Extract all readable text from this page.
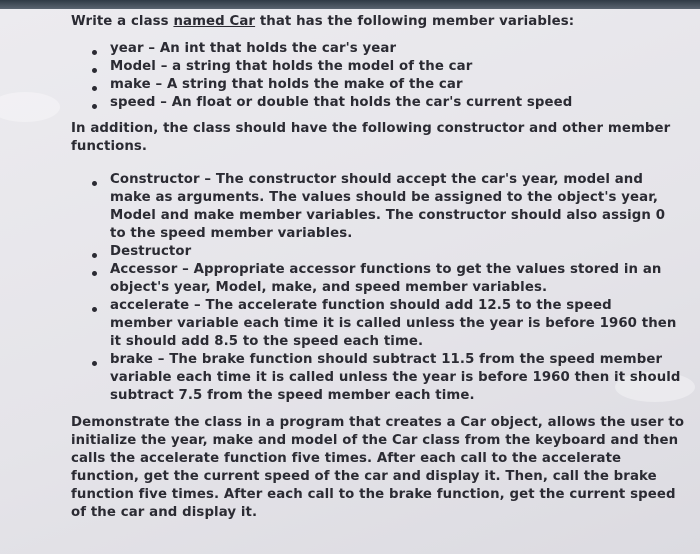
Write a class named Car that has the following member variables:
year – An int that holds the car's year
Model – a string that holds the model of the car
make – A string that holds the make of the car
speed – An float or double that holds the car's current speed
In addition, the class should have the following constructor and other member
functions.
Constructor – The constructor should accept the car's year, model and
make as arguments. The values should be assigned to the object's year,
Model and make member variables. The constructor should also assign 0
to the speed member variables.
Destructor
Accessor – Appropriate accessor functions to get the values stored in an
object's year, Model, make, and speed member variables.
accelerate – The accelerate function should add 12.5 to the speed
member variable each time it is called unless the year is before 1960 then
it should add 8.5 to the speed each time.
brake – The brake function should subtract 11.5 from the speed member
variable each time it is called unless the year is before 1960 then it should
subtract 7.5 from the speed member each time.
Demonstrate the class in a program that creates a Car object, allows the user to
initialize the year, make and model of the Car class from the keyboard and then
calls the accelerate function five times. After each call to the accelerate
function, get the current speed of the car and display it. Then, call the brake
function five times. After each call to the brake function, get the current speed
of the car and display it.
